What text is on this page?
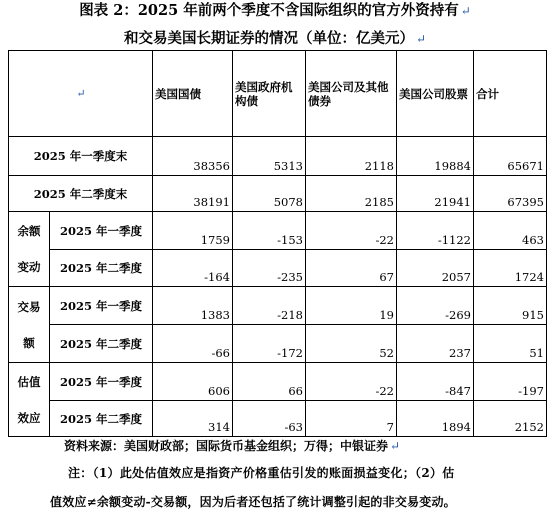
图表 2：2025 年前两个季度不含国际组织的官方外资持有 ↵
和交易美国长期证券的情况（单位：亿美元） ↵
↵		美国国债	美国政府机构债	美国公司及其他债券	美国公司股票	合计
2025 年一季度末		38356	5313	2118	19884	65671
2025 年二季度末		38191	5078	2185	21941	67395

余额
变动	2025 年一季度	1759	-153	-22	-1122	463
	2025 年二季度	-164	-235	67	2057	1724

交易
额	2025 年一季度	1383	-218	19	-269	915
	2025 年二季度	-66	-172	52	237	51

估值
效应	2025 年一季度	606	66	-22	-847	-197
	2025 年二季度	314	-63	7	1894	2152
资料来源：美国财政部；国际货币基金组织；万得；中银证券 ↵
注：（1）此处估值效应是指资产价格重估引发的账面损益变化；（2）估
值效应≠余额变动-交易额，因为后者还包括了统计调整引起的非交易变动。
